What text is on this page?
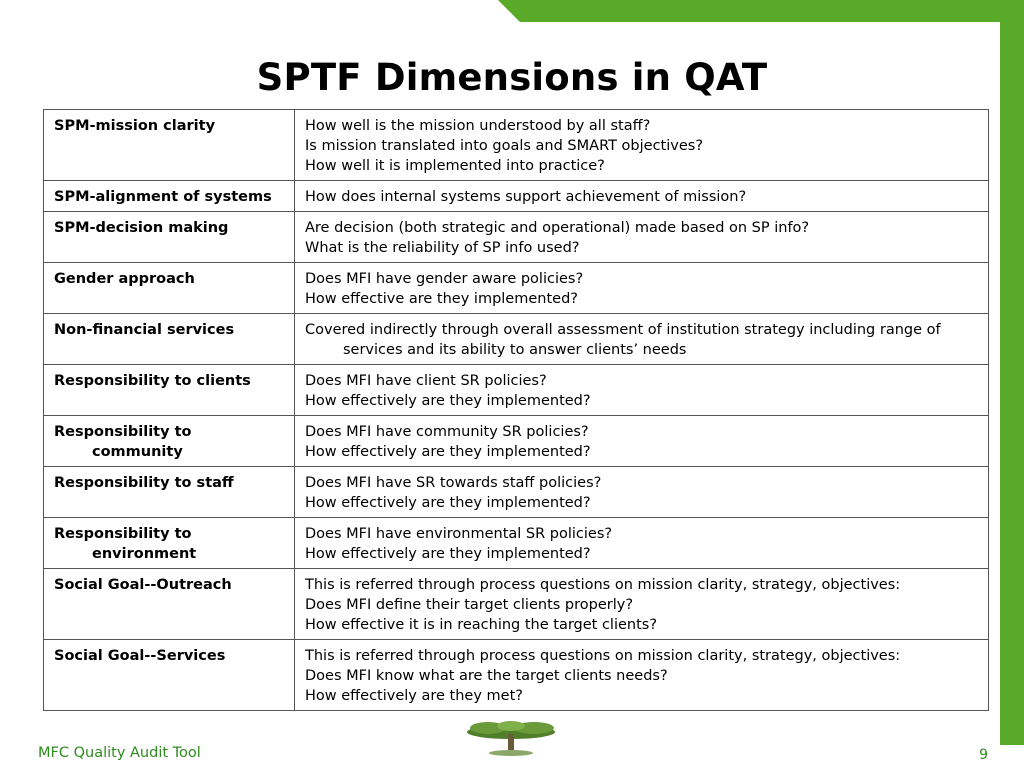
SPTF Dimensions in QAT
SPM-mission clarity	How well is the mission understood by all staff?
Is mission translated into goals and SMART objectives?
How well it is implemented into practice?

SPM-alignment of systems	How does internal systems support achievement of mission?

SPM-decision making	Are decision (both strategic and operational) made based on SP info?
What is the reliability of SP info used?

Gender approach	Does MFI have gender aware policies?
How effective are they implemented?

Non-financial services	Covered indirectly through overall assessment of institution strategy including range of services and its ability to answer clients’ needs

Responsibility to clients	Does MFI have client SR policies?
How effectively are they implemented?

Responsibility to community	Does MFI have community SR policies?
How effectively are they implemented?

Responsibility to staff	Does MFI have SR towards staff policies?
How effectively are they implemented?

Responsibility to environment	Does MFI have environmental SR policies?
How effectively are they implemented?

Social Goal--Outreach	This is referred through process questions on mission clarity, strategy, objectives:
Does MFI define their target clients properly?
How effective it is in reaching the target clients?

Social Goal--Services	This is referred through process questions on mission clarity, strategy, objectives:
Does MFI know what are the target clients needs?
How effectively are they met?
MFC Quality Audit Tool	9
